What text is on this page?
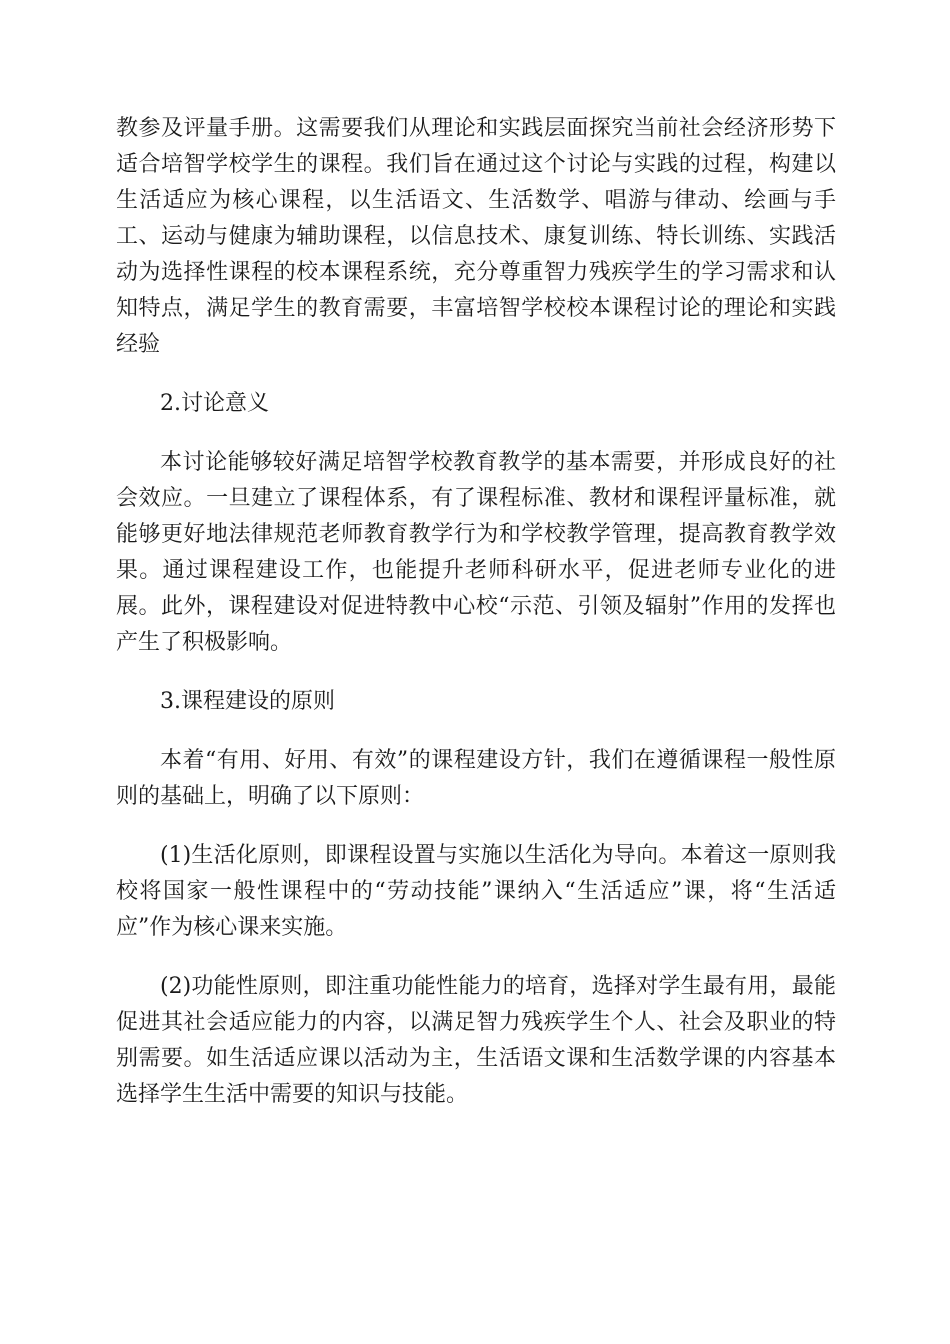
教参及评量手册。这需要我们从理论和实践层面探究当前社会经济形势下适合培智学校学生的课程。我们旨在通过这个讨论与实践的过程，构建以生活适应为核心课程，以生活语文、生活数学、唱游与律动、绘画与手工、运动与健康为辅助课程，以信息技术、康复训练、特长训练、实践活动为选择性课程的校本课程系统，充分尊重智力残疾学生的学习需求和认知特点，满足学生的教育需要，丰富培智学校校本课程讨论的理论和实践经验

2.讨论意义

本讨论能够较好满足培智学校教育教学的基本需要，并形成良好的社会效应。一旦建立了课程体系，有了课程标准、教材和课程评量标准，就能够更好地法律规范老师教育教学行为和学校教学管理，提高教育教学效果。通过课程建设工作，也能提升老师科研水平，促进老师专业化的进展。此外，课程建设对促进特教中心校“示范、引领及辐射”作用的发挥也产生了积极影响。

3.课程建设的原则

本着“有用、好用、有效”的课程建设方针，我们在遵循课程一般性原则的基础上，明确了以下原则：

(1)生活化原则，即课程设置与实施以生活化为导向。本着这一原则我校将国家一般性课程中的“劳动技能”课纳入“生活适应”课，将“生活适应”作为核心课来实施。

(2)功能性原则，即注重功能性能力的培育，选择对学生最有用，最能促进其社会适应能力的内容，以满足智力残疾学生个人、社会及职业的特别需要。如生活适应课以活动为主，生活语文课和生活数学课的内容基本选择学生生活中需要的知识与技能。
